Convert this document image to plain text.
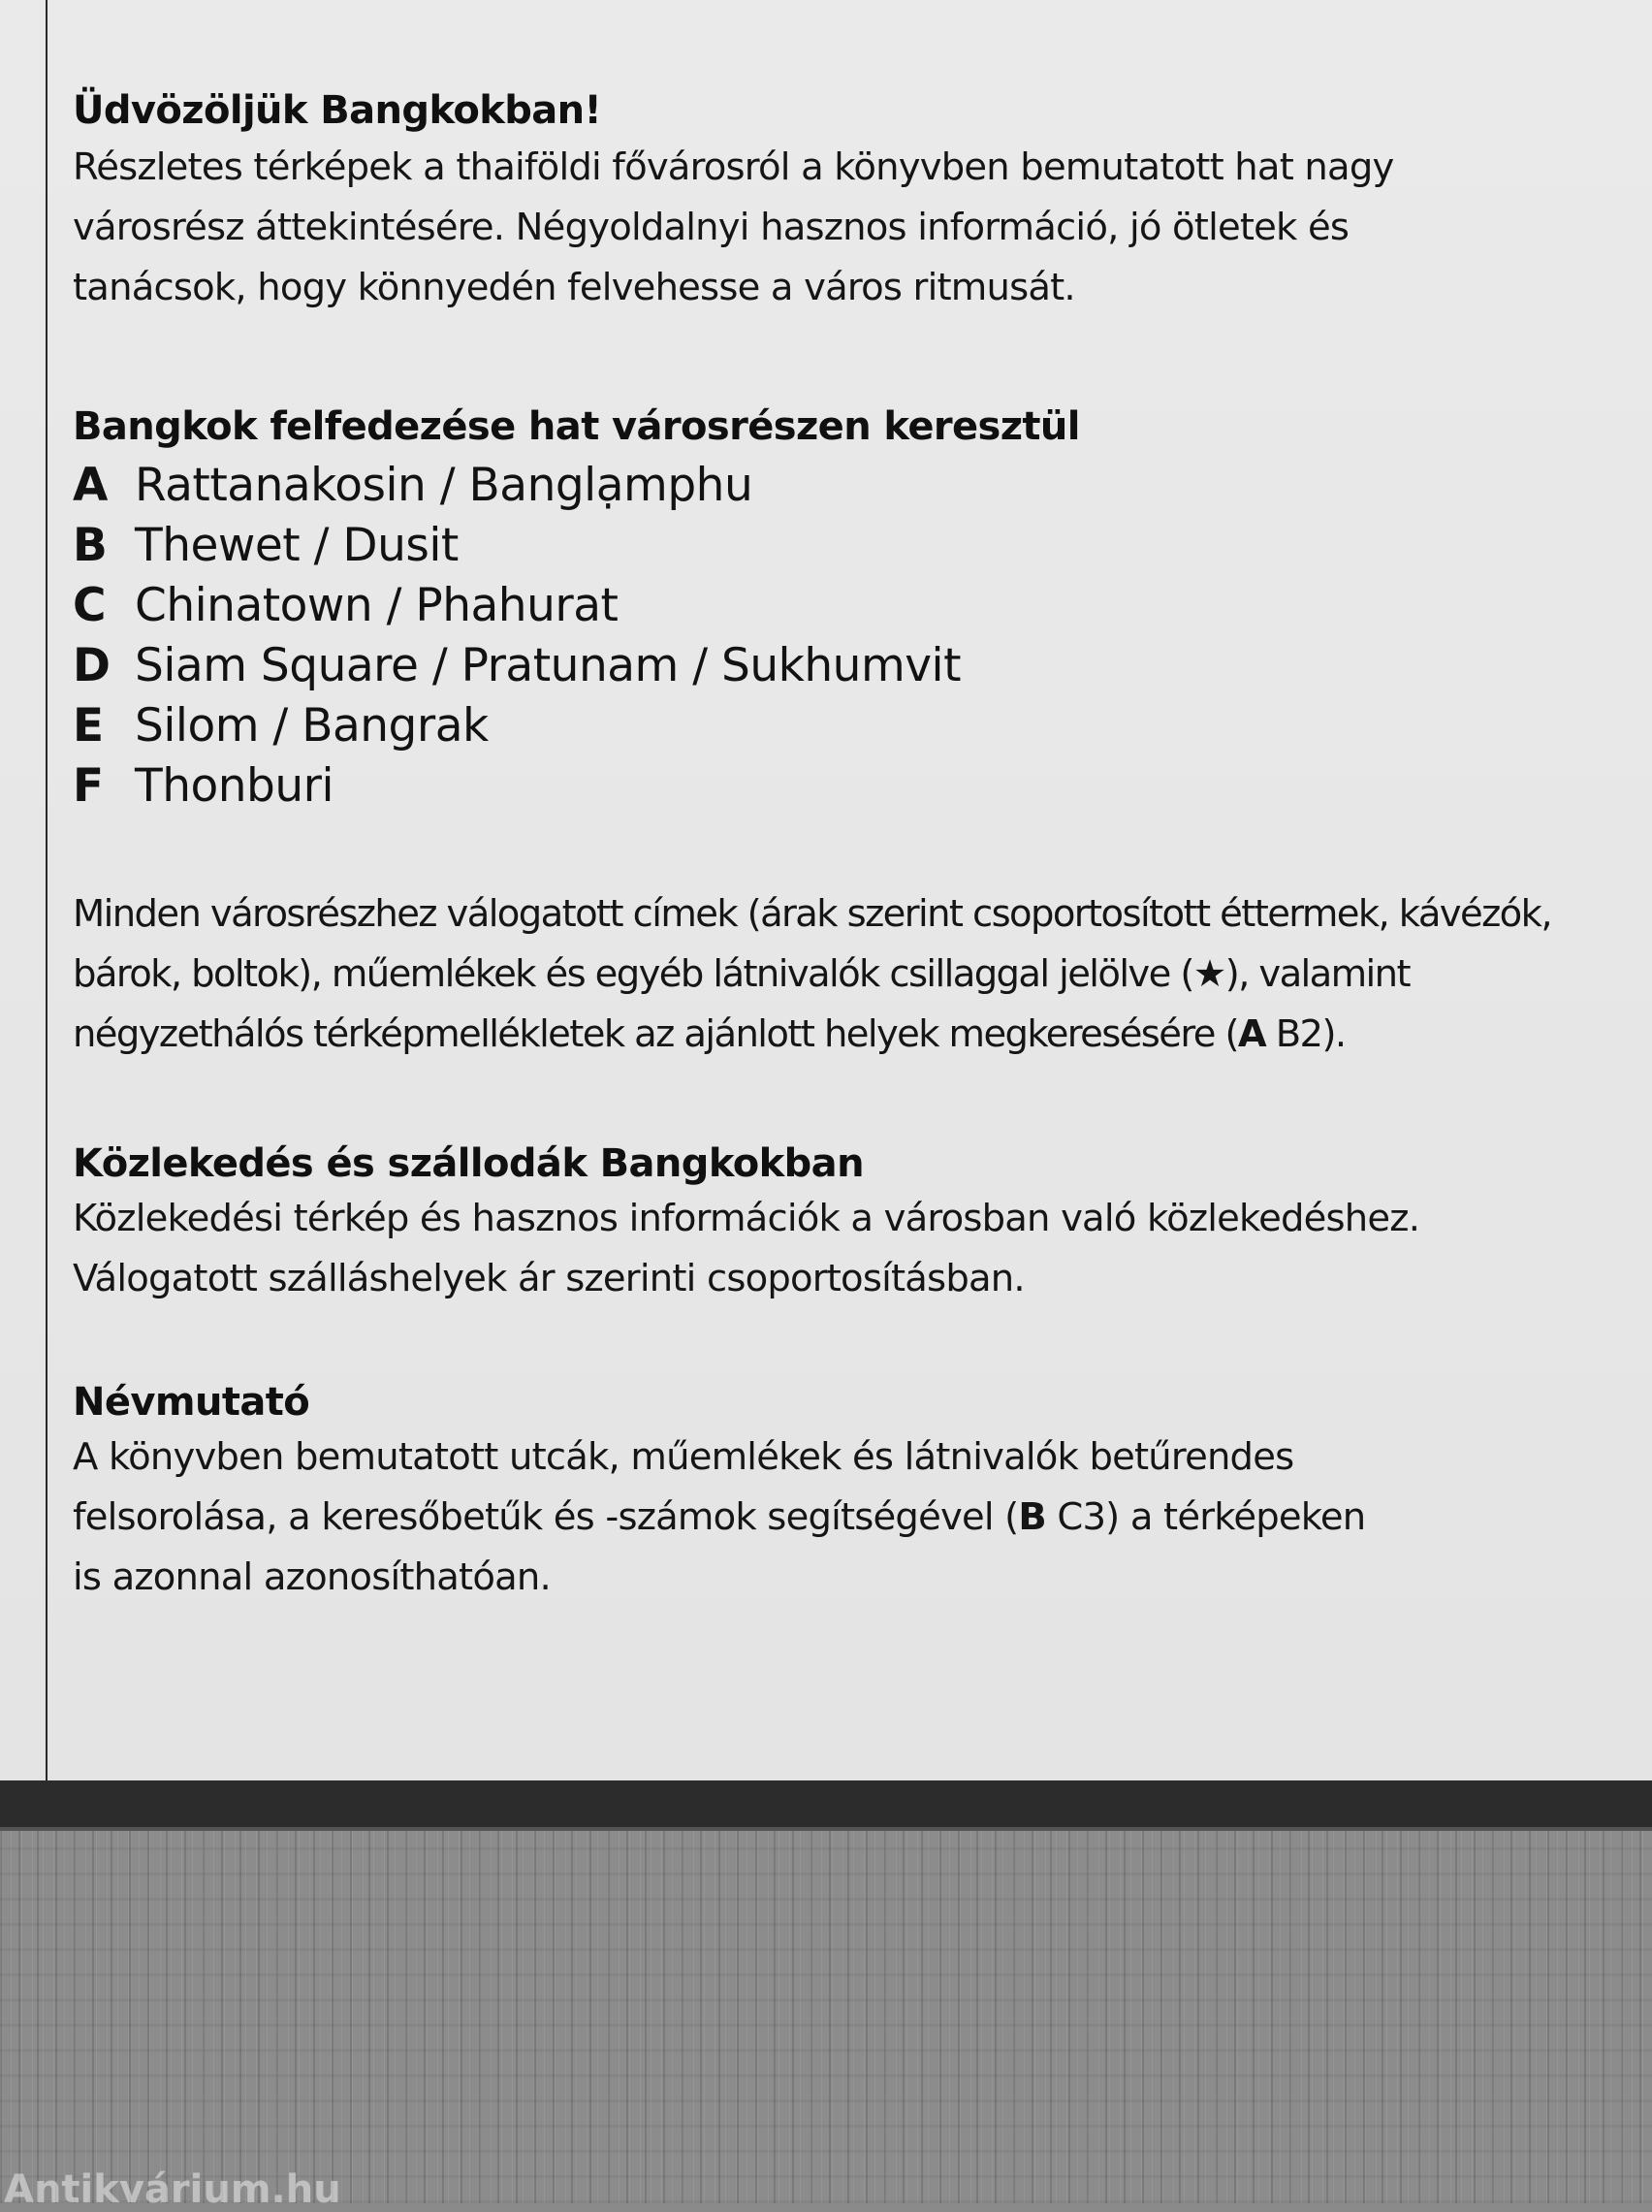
Üdvözöljük Bangkokban!

Részletes térképek a thaiföldi fővárosról a könyvben bemutatott hat nagy
városrész áttekintésére. Négyoldalnyi hasznos információ, jó ötletek és
tanácsok, hogy könnyedén felvehesse a város ritmusát.

Bangkok felfedezése hat városrészen keresztül
A Rattanakosin / Banglạmphu
B Thewet / Dusit
C Chinatown / Phahurat
D Siam Square / Pratunam / Sukhumvit
E Silom / Bangrak
F Thonburi

Minden városrészhez válogatott címek (árak szerint csoportosított éttermek, kávézók,
bárok, boltok), műemlékek és egyéb látnivalók csillaggal jelölve (★), valamint
négyzethálós térképmellékletek az ajánlott helyek megkeresésére (A B2).

Közlekedés és szállodák Bangkokban

Közlekedési térkép és hasznos információk a városban való közlekedéshez.
Válogatott szálláshelyek ár szerinti csoportosításban.

Névmutató

A könyvben bemutatott utcák, műemlékek és látnivalók betűrendes
felsorolása, a keresőbetűk és -számok segítségével (B C3) a térképeken
is azonnal azonosíthatóan.

Antikvárium.hu
